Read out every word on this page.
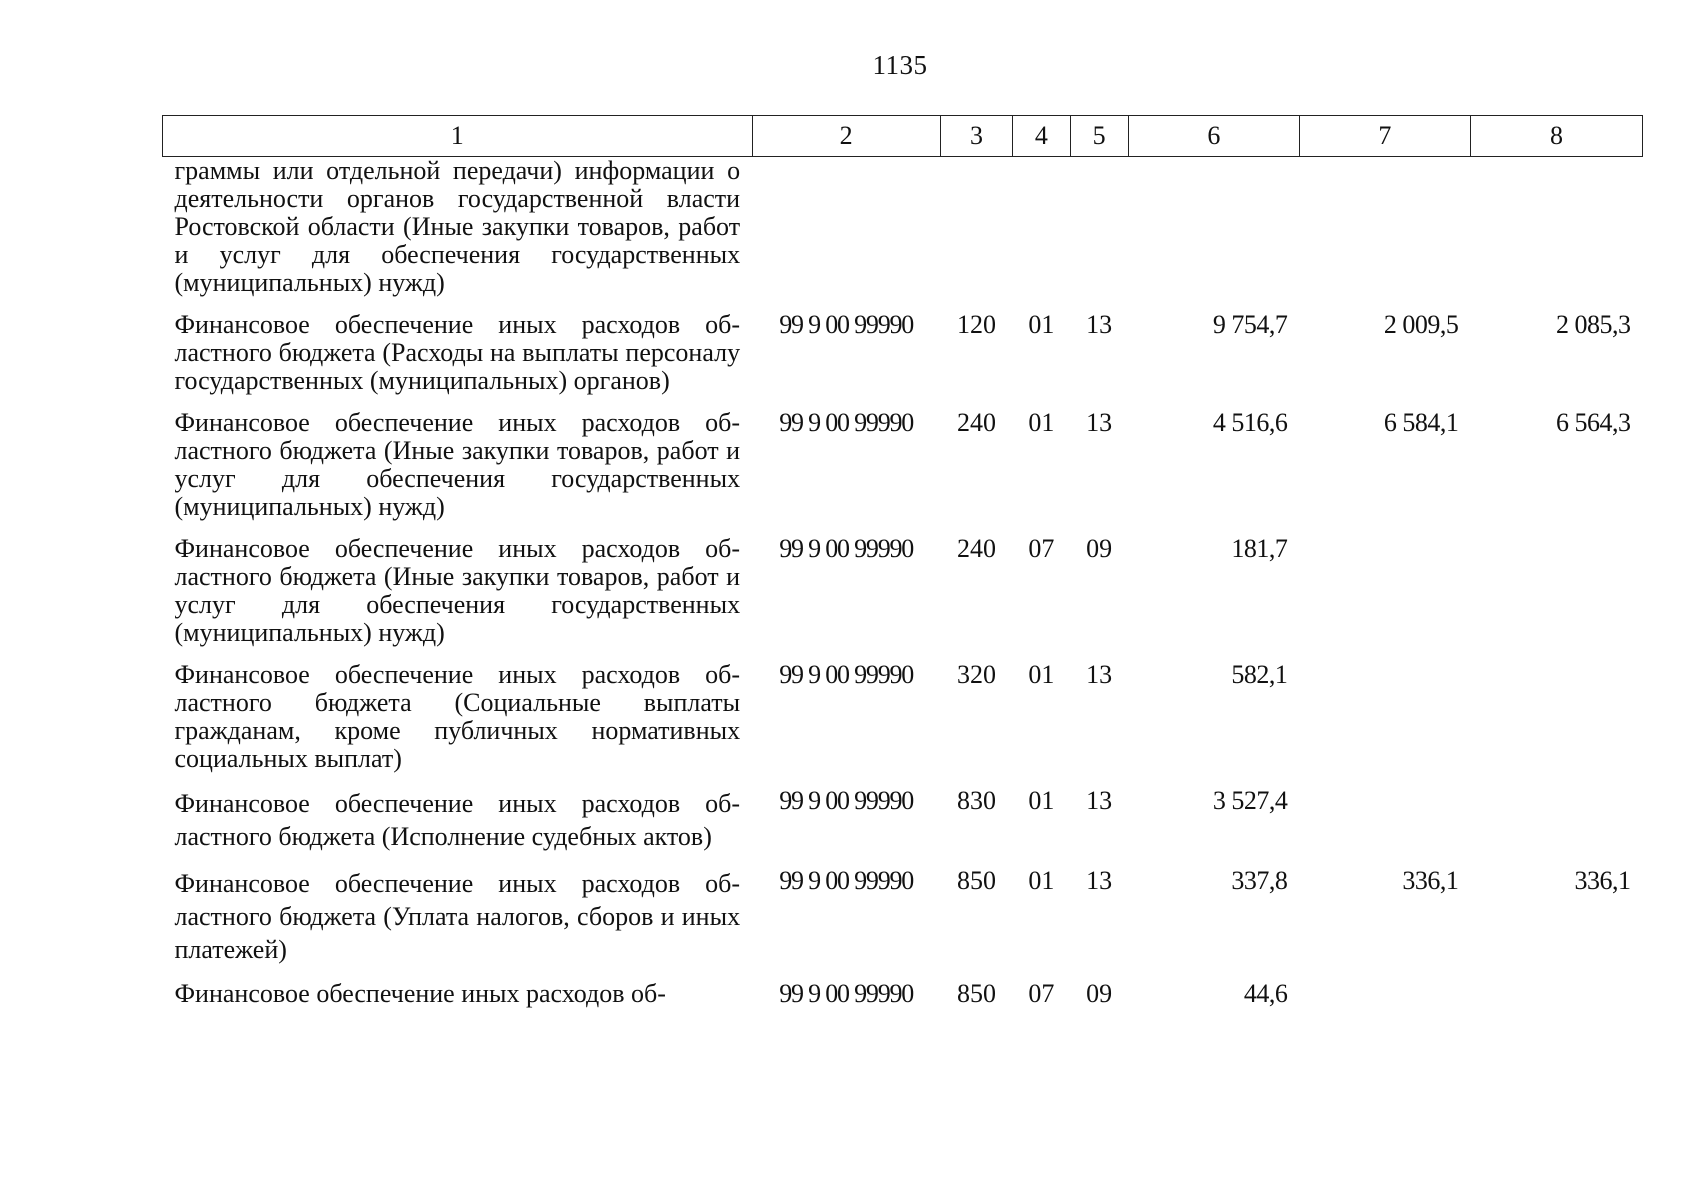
1135
1	2	3	4	5	6	7	8
граммы или отдельной передачи) информации о деятельности органов государственной власти Ростовской области (Иные закупки товаров, работ и услуг для обеспечения государственных (муниципальных) нужд)							
Финансовое обеспечение иных расходов областного бюджета (Расходы на выплаты персоналу государственных (муниципальных) органов)	99 9 00 99990	120	01	13	9 754,7	2 009,5	2 085,3
Финансовое обеспечение иных расходов областного бюджета (Иные закупки товаров, работ и услуг для обеспечения государственных (муниципальных) нужд)	99 9 00 99990	240	01	13	4 516,6	6 584,1	6 564,3
Финансовое обеспечение иных расходов областного бюджета (Иные закупки товаров, работ и услуг для обеспечения государственных (муниципальных) нужд)	99 9 00 99990	240	07	09	181,7		
Финансовое обеспечение иных расходов областного бюджета (Социальные выплаты гражданам, кроме публичных нормативных социальных выплат)	99 9 00 99990	320	01	13	582,1		
Финансовое обеспечение иных расходов областного бюджета (Исполнение судебных актов)	99 9 00 99990	830	01	13	3 527,4		
Финансовое обеспечение иных расходов областного бюджета (Уплата налогов, сборов и иных платежей)	99 9 00 99990	850	01	13	337,8	336,1	336,1
Финансовое обеспечение иных расходов об-	99 9 00 99990	850	07	09	44,6		
